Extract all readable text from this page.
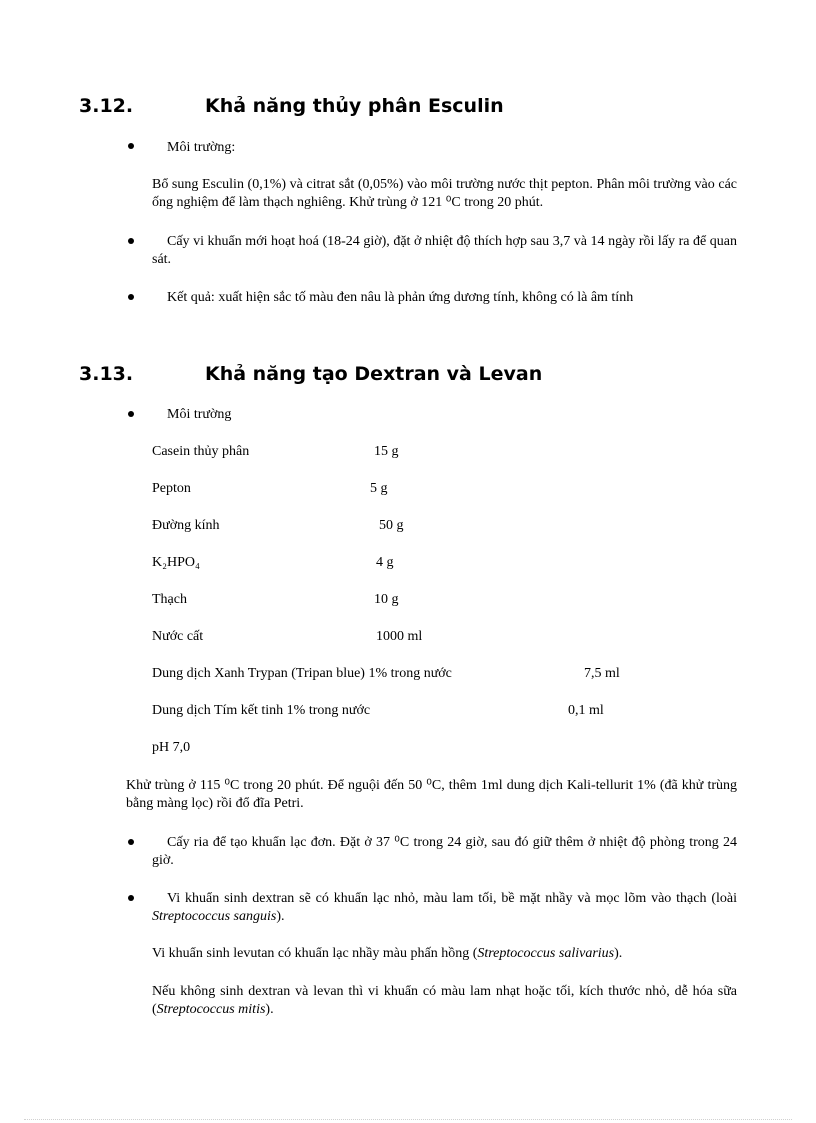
3.12.	Khả năng thủy phân Esculin
Môi trường:
Bổ sung Esculin (0,1%) và citrat sắt (0,05%) vào môi trường nước thịt pepton. Phân môi trường vào các ống nghiệm để làm thạch nghiêng. Khử trùng ở 121 ⁰C trong 20 phút.
Cấy vi khuẩn mới hoạt hoá (18-24 giờ), đặt ở nhiệt độ thích hợp sau 3,7 và 14 ngày rồi lấy ra để quan sát.
Kết quả: xuất hiện sắc tố màu đen nâu là phản ứng dương tính, không có là âm tính
3.13.	Khả năng tạo Dextran và Levan
Môi trường
Casein thủy phân	15 g
Pepton	5 g
Đường kính	50 g
K₂HPO₄	4 g
Thạch	10 g
Nước cất	1000 ml
Dung dịch Xanh Trypan (Tripan blue) 1% trong nước	7,5 ml
Dung dịch Tím kết tinh 1% trong nước	0,1 ml
pH 7,0
Khử trùng ở 115 ⁰C trong 20 phút. Để nguội đến 50 ⁰C, thêm 1ml dung dịch Kali-tellurit 1% (đã khử trùng bằng màng lọc) rồi đổ đĩa Petri.
Cấy ria để tạo khuẩn lạc đơn. Đặt ở 37 ⁰C trong 24 giờ, sau đó giữ thêm ở nhiệt độ phòng trong 24 giờ.
Vi khuẩn sinh dextran sẽ có khuẩn lạc nhỏ, màu lam tối, bề mặt nhầy và mọc lõm vào thạch (loài Streptococcus sanguis).
Vi khuẩn sinh levutan có khuẩn lạc nhầy màu phấn hồng (Streptococcus salivarius).
Nếu không sinh dextran và levan thì vi khuẩn có màu lam nhạt hoặc tối, kích thước nhỏ, dễ hóa sữa (Streptococcus mitis).
